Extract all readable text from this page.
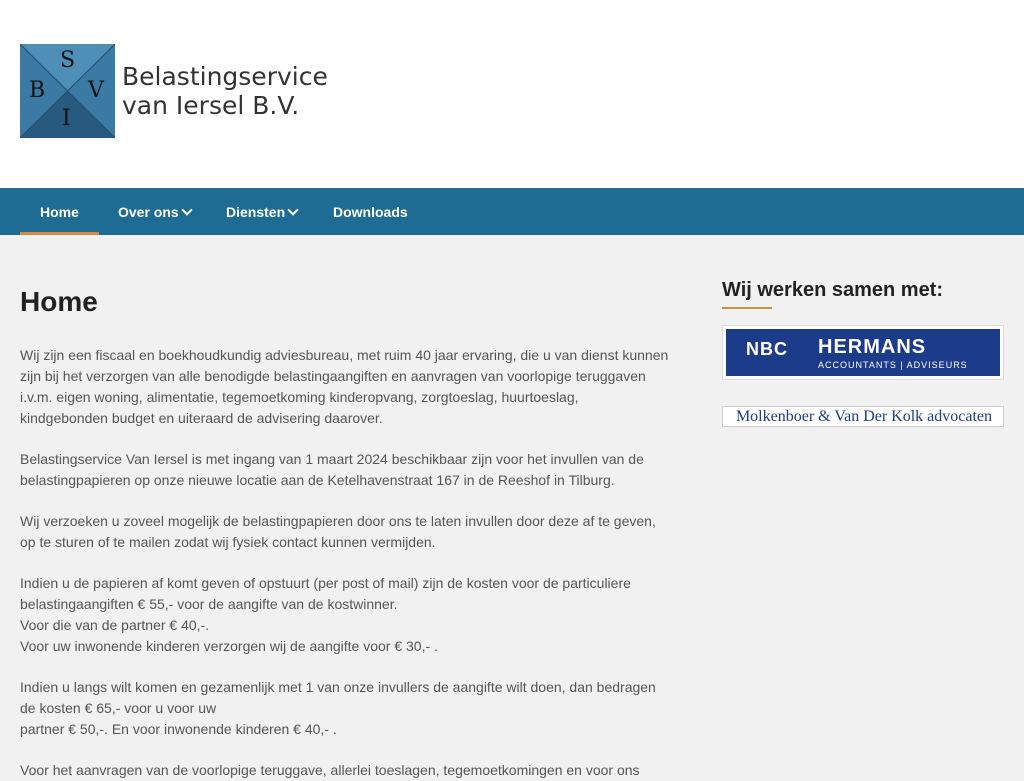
S
B V
I
Belastingservice
van Iersel B.V.
Home	Over ons	Diensten	Downloads
Home
Wij zijn een fiscaal en boekhoudkundig adviesbureau, met ruim 40 jaar ervaring, die u van dienst kunnen
zijn bij het verzorgen van alle benodigde belastingaangiften en aanvragen van voorlopige teruggaven
i.v.m. eigen woning, alimentatie, tegemoetkoming kinderopvang, zorgtoeslag, huurtoeslag,
kindgebonden budget en uiteraard de advisering daarover.
Belastingservice Van Iersel is met ingang van 1 maart 2024 beschikbaar zijn voor het invullen van de
belastingpapieren op onze nieuwe locatie aan de Ketelhavenstraat 167 in de Reeshof in Tilburg.
Wij verzoeken u zoveel mogelijk de belastingpapieren door ons te laten invullen door deze af te geven,
op te sturen of te mailen zodat wij fysiek contact kunnen vermijden.
Indien u de papieren af komt geven of opstuurt (per post of mail) zijn de kosten voor de particuliere
belastingaangiften € 55,- voor de aangifte van de kostwinner.
Voor die van de partner € 40,-.
Voor uw inwonende kinderen verzorgen wij de aangifte voor € 30,- .
Indien u langs wilt komen en gezamenlijk met 1 van onze invullers de aangifte wilt doen, dan bedragen
de kosten € 65,- voor u voor uw
partner € 50,-. En voor inwonende kinderen € 40,- .
Voor het aanvragen van de voorlopige teruggave, allerlei toeslagen, tegemoetkomingen en voor ons
Wij werken samen met:
NBC	HERMANS
ACCOUNTANTS | ADVISEURS
Molkenboer & Van Der Kolk advocaten
